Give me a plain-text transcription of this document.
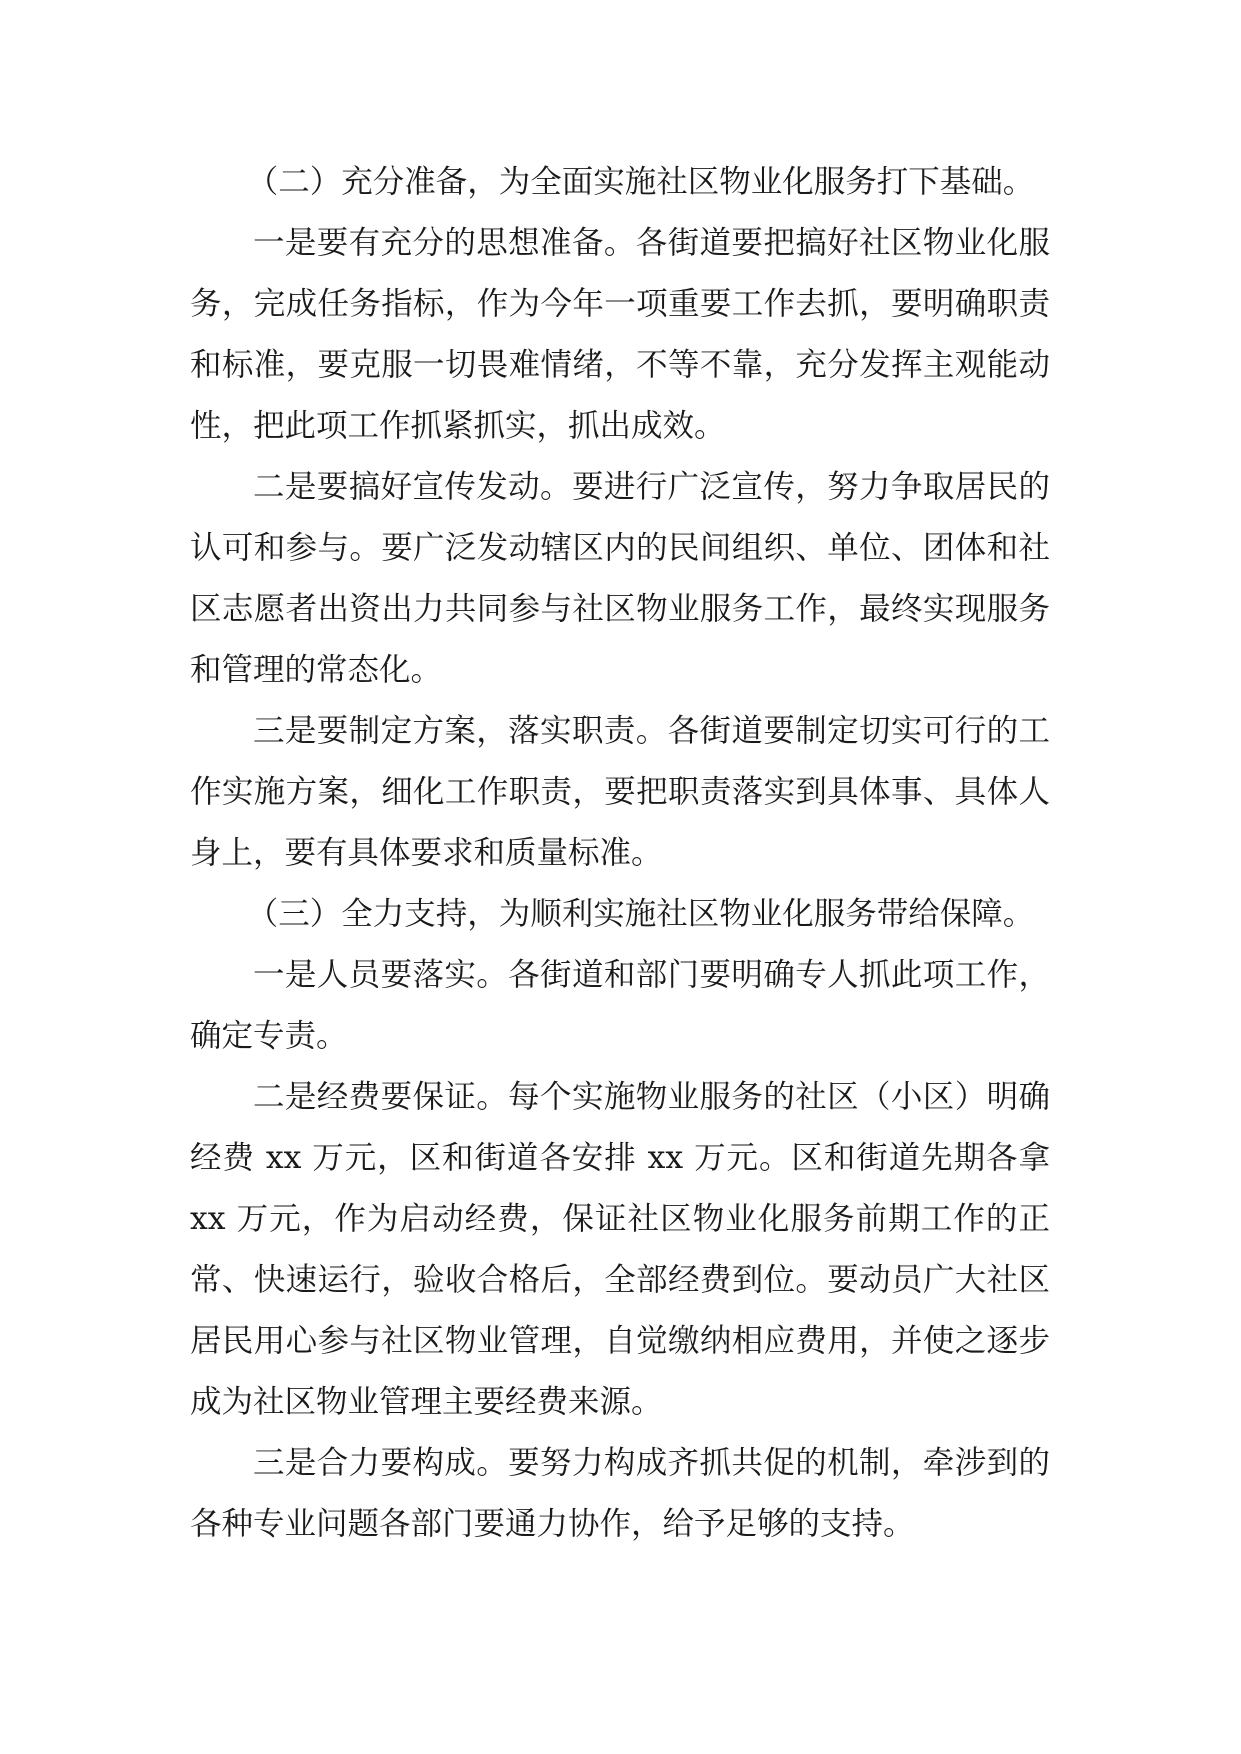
（二）充分准备，为全面实施社区物业化服务打下基础。

一是要有充分的思想准备。各街道要把搞好社区物业化服务，完成任务指标，作为今年一项重要工作去抓，要明确职责和标准，要克服一切畏难情绪，不等不靠，充分发挥主观能动性，把此项工作抓紧抓实，抓出成效。

二是要搞好宣传发动。要进行广泛宣传，努力争取居民的认可和参与。要广泛发动辖区内的民间组织、单位、团体和社区志愿者出资出力共同参与社区物业服务工作，最终实现服务和管理的常态化。

三是要制定方案，落实职责。各街道要制定切实可行的工作实施方案，细化工作职责，要把职责落实到具体事、具体人身上，要有具体要求和质量标准。

（三）全力支持，为顺利实施社区物业化服务带给保障。

一是人员要落实。各街道和部门要明确专人抓此项工作，确定专责。

二是经费要保证。每个实施物业服务的社区（小区）明确经费 xx 万元，区和街道各安排 xx 万元。区和街道先期各拿 xx 万元，作为启动经费，保证社区物业化服务前期工作的正常、快速运行，验收合格后，全部经费到位。要动员广大社区居民用心参与社区物业管理，自觉缴纳相应费用，并使之逐步成为社区物业管理主要经费来源。

三是合力要构成。要努力构成齐抓共促的机制，牵涉到的各种专业问题各部门要通力协作，给予足够的支持。
